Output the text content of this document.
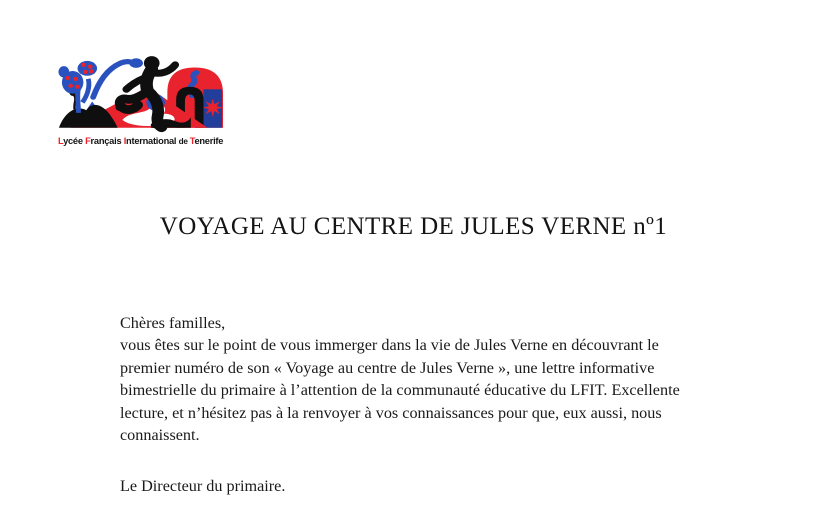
Lycée Français International de Tenerife
VOYAGE AU CENTRE DE JULES VERNE nº1

Chères familles,

vous êtes sur le point de vous immerger dans la vie de Jules Verne en découvrant le
premier numéro de son « Voyage au centre de Jules Verne », une lettre informative
bimestrielle du primaire à l’attention de la communauté éducative du LFIT. Excellente
lecture, et n’hésitez pas à la renvoyer à vos connaissances pour que, eux aussi, nous
connaissent.

Le Directeur du primaire.
